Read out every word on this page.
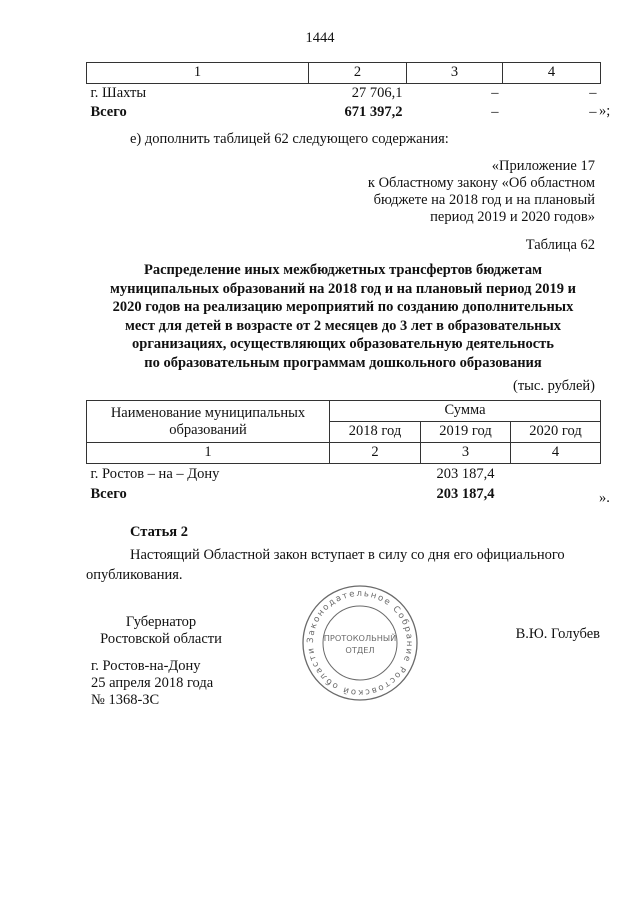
1444
1	2	3	4
г. Шахты	27 706,1	–	–
Всего	671 397,2	–	– »;
е) дополнить таблицей 62 следующего содержания:
«Приложение 17
к Областному закону «Об областном
бюджете на 2018 год и на плановый
период 2019 и 2020 годов»
Таблица 62
Распределение иных межбюджетных трансфертов бюджетам
муниципальных образований на 2018 год и на плановый период 2019 и
2020 годов на реализацию мероприятий по созданию дополнительных
мест для детей в возрасте от 2 месяцев до 3 лет в образовательных
организациях, осуществляющих образовательную деятельность
по образовательным программам дошкольного образования
(тыс. рублей)
Наименование муниципальных образований	Сумма		
	2018 год	2019 год	2020 год
1	2	3	4
г. Ростов – на – Дону		203 187,4	
Всего		203 187,4		».
Статья 2
Настоящий Областной закон вступает в силу со дня его официального
опубликования.
Губернатор
Ростовской области	В.Ю. Голубев
г. Ростов-на-Дону
25 апреля 2018 года
№ 1368-ЗС
Законодательное Собрание Ростовской области
ПРОТОКОЛЬНЫЙ
ОТДЕЛ
